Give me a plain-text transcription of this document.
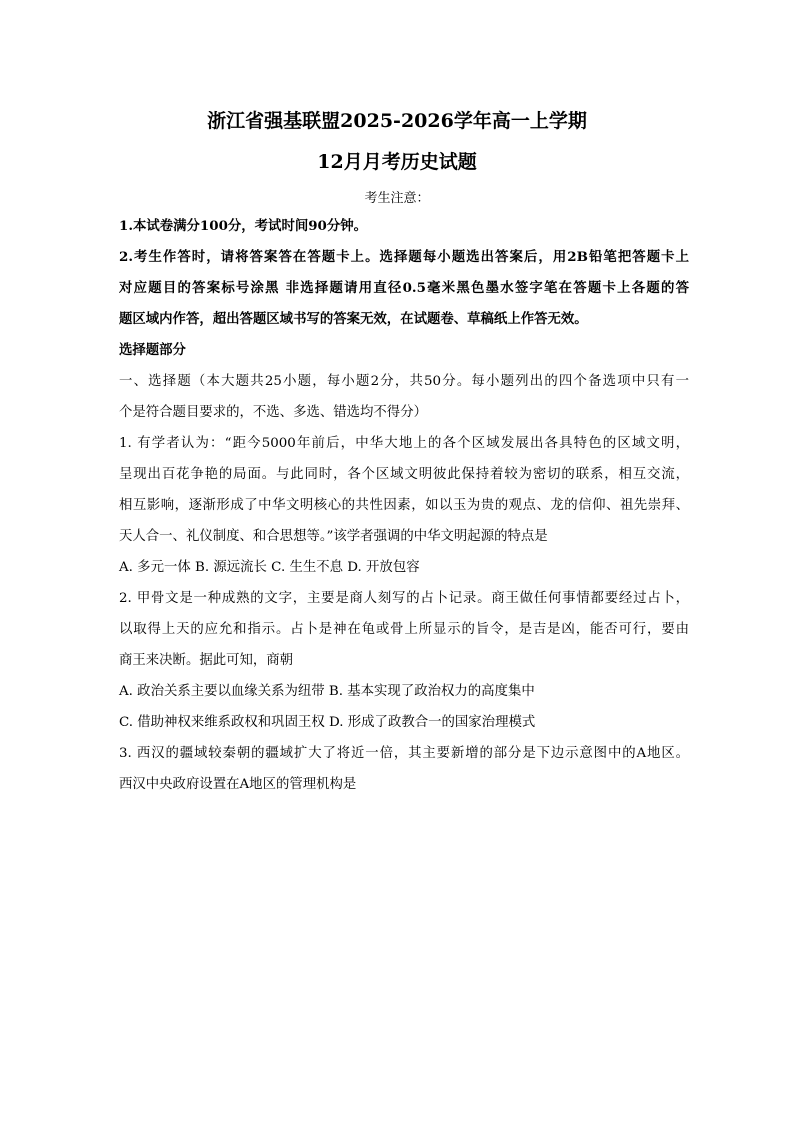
浙江省强基联盟2025-2026学年高一上学期
12月月考历史试题
考生注意：
1.本试卷满分100分，考试时间90分钟。
2.考生作答时，请将答案答在答题卡上。选择题每小题选出答案后，用2B铅笔把答题卡上
对应题目的答案标号涂黑 非选择题请用直径0.5毫米黑色墨水签字笔在答题卡上各题的答
题区域内作答，超出答题区域书写的答案无效，在试题卷、草稿纸上作答无效。
选择题部分
一、选择题（本大题共25小题，每小题2分，共50分。每小题列出的四个备选项中只有一
个是符合题目要求的，不选、多选、错选均不得分）
1. 有学者认为：“距今5000年前后，中华大地上的各个区域发展出各具特色的区域文明，
呈现出百花争艳的局面。与此同时，各个区域文明彼此保持着较为密切的联系，相互交流，
相互影响，逐渐形成了中华文明核心的共性因素，如以玉为贵的观点、龙的信仰、祖先崇拜、
天人合一、礼仪制度、和合思想等。”该学者强调的中华文明起源的特点是
A. 多元一体 B. 源远流长 C. 生生不息 D. 开放包容
2. 甲骨文是一种成熟的文字，主要是商人刻写的占卜记录。商王做任何事情都要经过占卜，
以取得上天的应允和指示。占卜是神在龟或骨上所显示的旨令，是吉是凶，能否可行，要由
商王来决断。据此可知，商朝
A. 政治关系主要以血缘关系为纽带 B. 基本实现了政治权力的高度集中
C. 借助神权来维系政权和巩固王权 D. 形成了政教合一的国家治理模式
3. 西汉的疆域较秦朝的疆域扩大了将近一倍，其主要新增的部分是下边示意图中的A地区。
西汉中央政府设置在A地区的管理机构是
